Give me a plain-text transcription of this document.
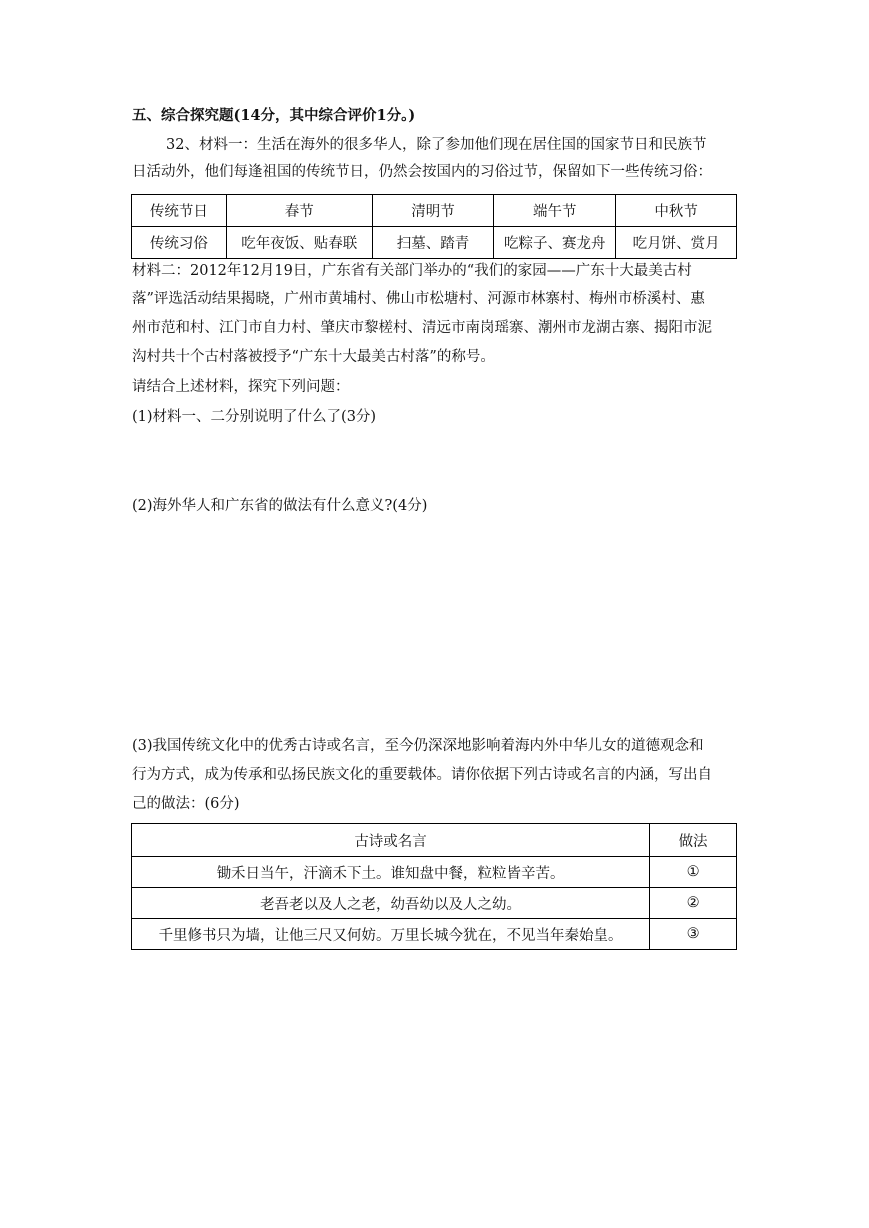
五、综合探究题(14分，其中综合评价1分。)
32、材料一：生活在海外的很多华人，除了参加他们现在居住国的国家节日和民族节
日活动外，他们每逢祖国的传统节日，仍然会按国内的习俗过节，保留如下一些传统习俗：
传统节日	春节	清明节	端午节	中秋节
传统习俗	吃年夜饭、贴春联	扫墓、踏青	吃粽子、赛龙舟	吃月饼、赏月
材料二：2012年12月19日，广东省有关部门举办的“我们的家园——广东十大最美古村
落”评选活动结果揭晓，广州市黄埔村、佛山市松塘村、河源市林寨村、梅州市桥溪村、惠
州市范和村、江门市自力村、肇庆市黎槎村、清远市南岗瑶寨、潮州市龙湖古寨、揭阳市泥
沟村共十个古村落被授予“广东十大最美古村落”的称号。
请结合上述材料，探究下列问题：
(1)材料一、二分别说明了什么了(3分)
(2)海外华人和广东省的做法有什么意义?(4分)
(3)我国传统文化中的优秀古诗或名言，至今仍深深地影响着海内外中华儿女的道德观念和
行为方式，成为传承和弘扬民族文化的重要载体。请你依据下列古诗或名言的内涵，写出自
己的做法：(6分)
古诗或名言	做法
锄禾日当午，汗滴禾下土。谁知盘中餐，粒粒皆辛苦。	①
老吾老以及人之老，幼吾幼以及人之幼。	②
千里修书只为墙，让他三尺又何妨。万里长城今犹在，不见当年秦始皇。	③
